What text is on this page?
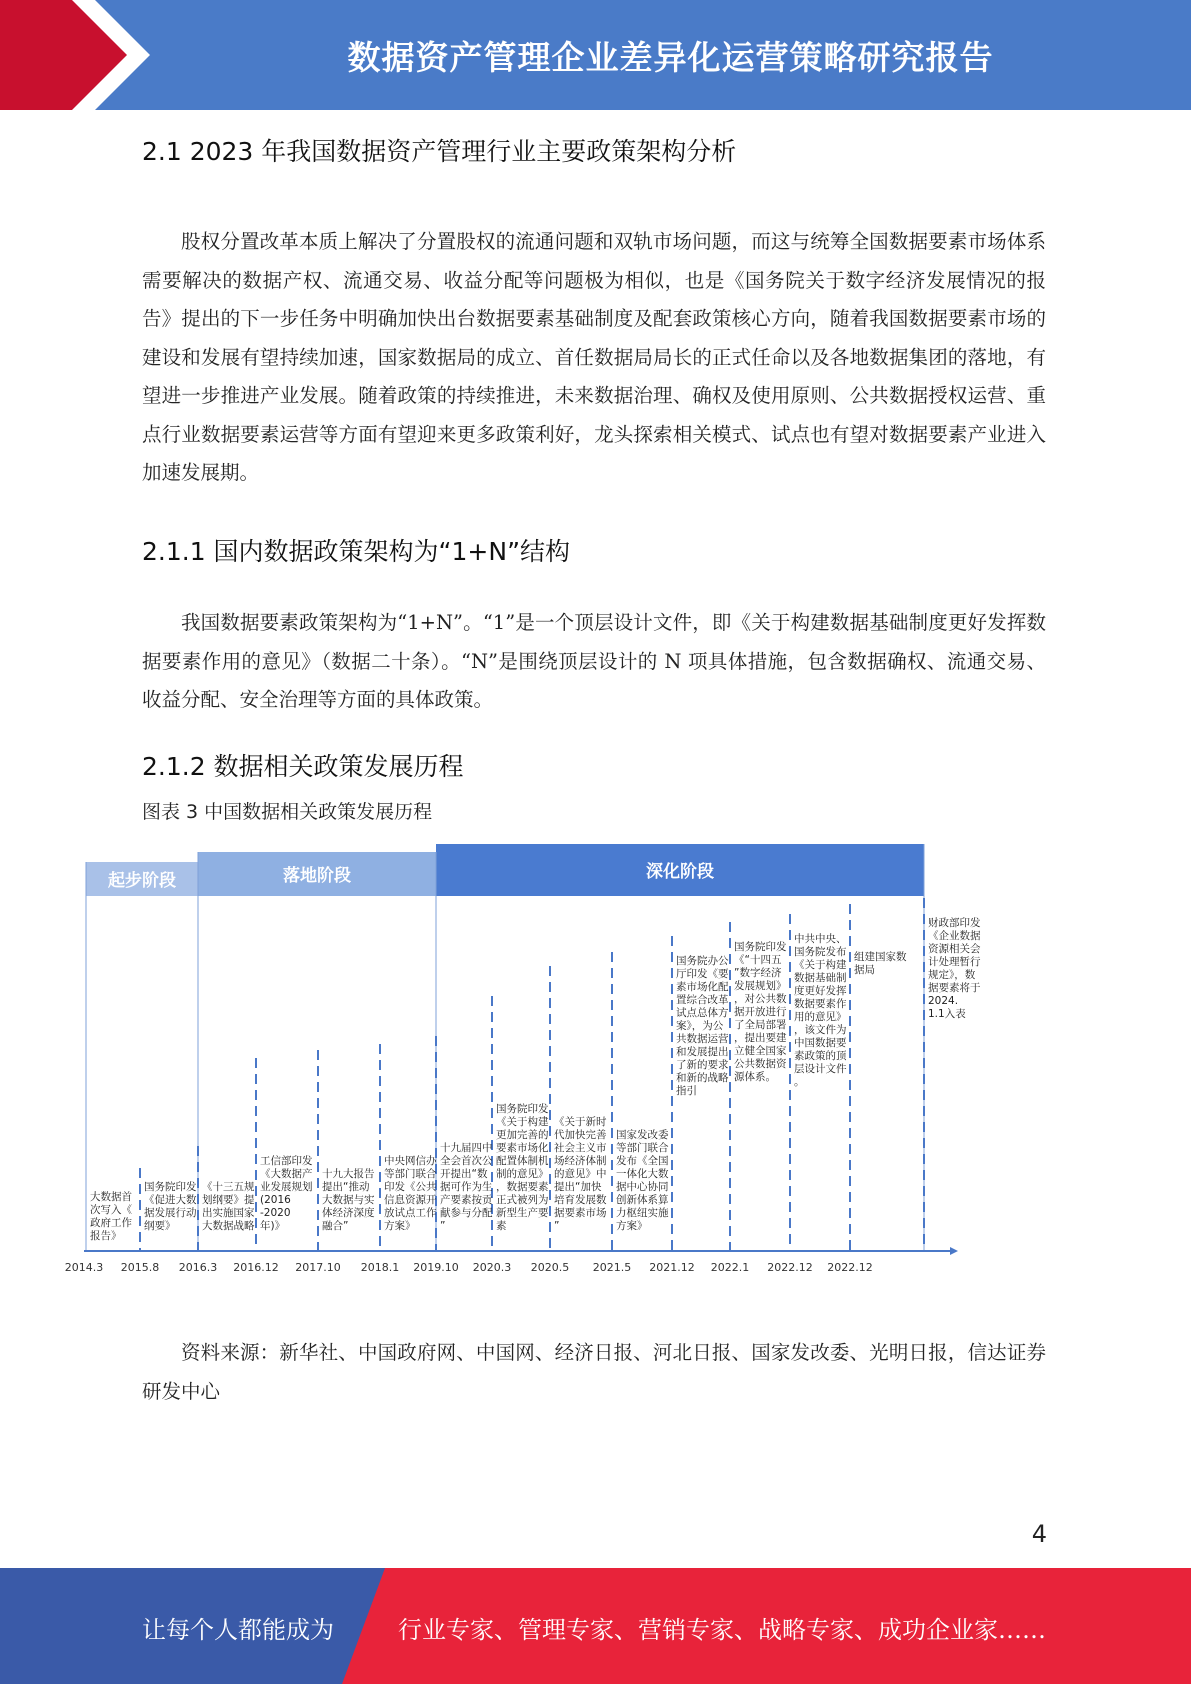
数据资产管理企业差异化运营策略研究报告
2.1 2023 年我国数据资产管理行业主要政策架构分析
股权分置改革本质上解决了分置股权的流通问题和双轨市场问题，而这与统筹全国数据要素市场体系需要解决的数据产权、流通交易、收益分配等问题极为相似，也是《国务院关于数字经济发展情况的报告》提出的下一步任务中明确加快出台数据要素基础制度及配套政策核心方向，随着我国数据要素市场的建设和发展有望持续加速，国家数据局的成立、首任数据局局长的正式任命以及各地数据集团的落地，有望进一步推进产业发展。随着政策的持续推进，未来数据治理、确权及使用原则、公共数据授权运营、重点行业数据要素运营等方面有望迎来更多政策利好，龙头探索相关模式、试点也有望对数据要素产业进入加速发展期。
2.1.1 国内数据政策架构为“1+N”结构
我国数据要素政策架构为“1+N”。“1”是一个顶层设计文件，即《关于构建数据基础制度更好发挥数据要素作用的意见》（数据二十条）。“N”是围绕顶层设计的 N 项具体措施，包含数据确权、流通交易、收益分配、安全治理等方面的具体政策。
2.1.2 数据相关政策发展历程
图表 3 中国数据相关政策发展历程
起步阶段	落地阶段	深化阶段
大数据首次写入《政府工作报告》
国务院印发《促进大数据发展行动纲要》
《十三五规划纲要》提出实施国家大数据战略
工信部印发《大数据产业发展规划(2016 -2020 年)》
十九大报告提出“推动大数据与实体经济深度融合”
中央网信办等部门联合印发《公共信息资源开放试点工作方案》
十九届四中全会首次公开提出“数据可作为生产要素按贡献参与分配”
国务院印发《关于构建更加完善的要素市场化配置体制机制的意见》，数据要素正式被列为新型生产要素
《关于新时代加快完善社会主义市场经济体制的意见》中提出“加快培育发展数据要素市场”
国家发改委等部门联合发布《全国一体化大数据中心协同创新体系算力枢纽实施方案》
国务院办公厅印发《要素市场化配置综合改革试点总体方案》，为公共数据运营和发展提出了新的要求和新的战略指引
国务院印发《“十四五”数字经济发展规划》，对公共数据开放进行了全局部署，提出要建立健全国家公共数据资源体系。
中共中央、国务院发布《关于构建数据基础制度更好发挥数据要素作用的意见》，该文件为中国数据要素政策的顶层设计文件。
组建国家数据局
财政部印发《企业数据资源相关会计处理暂行规定》，数据要素将于 2024. 1.1入表
2014.3 2015.8 2016.3 2016.12 2017.10 2018.1 2019.10 2020.3 2020.5 2021.5 2021.12 2022.1 2022.12 2022.12
资料来源：新华社、中国政府网、中国网、经济日报、河北日报、国家发改委、光明日报，信达证券研发中心
4
让每个人都能成为	行业专家、管理专家、营销专家、战略专家、成功企业家……
